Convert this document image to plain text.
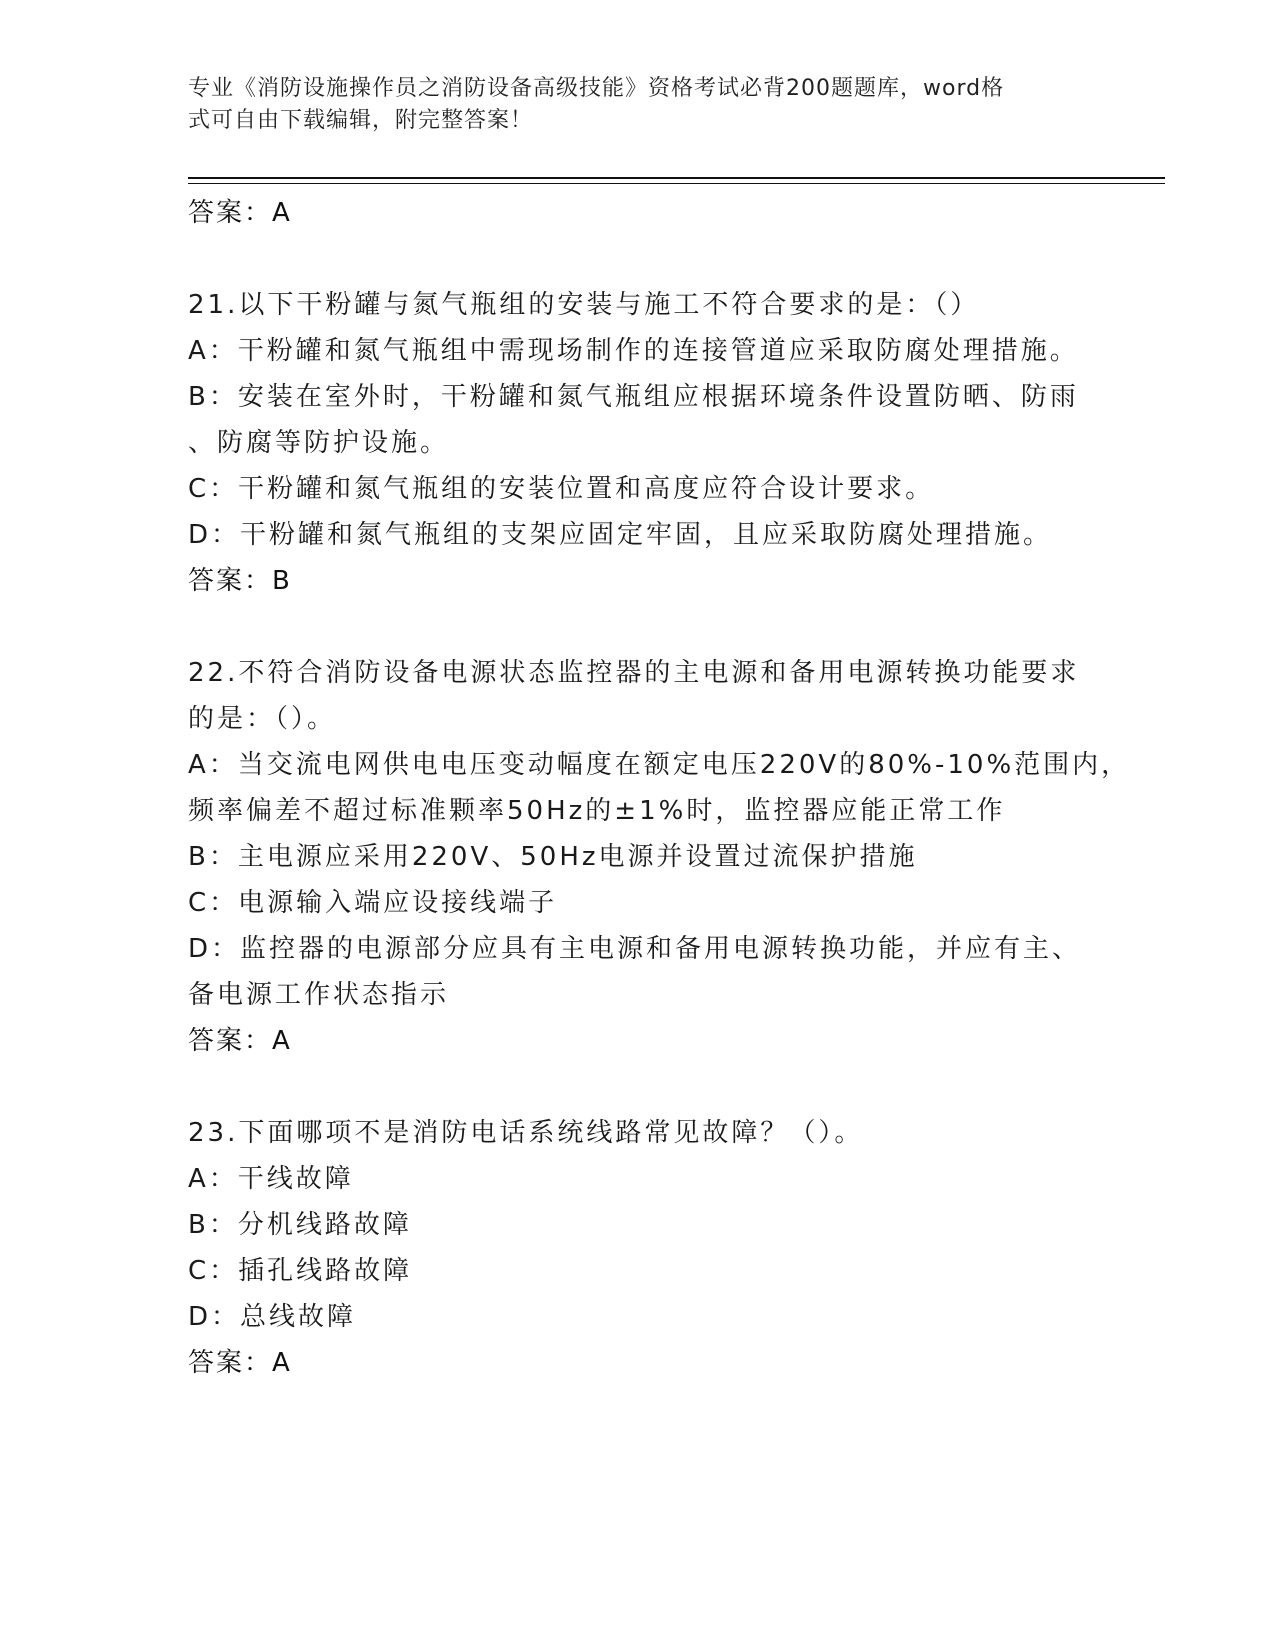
专业《消防设施操作员之消防设备高级技能》资格考试必背200题题库，word格
式可自由下载编辑，附完整答案！
答案：A
21.以下干粉罐与氮气瓶组的安装与施工不符合要求的是：（）
A：干粉罐和氮气瓶组中需现场制作的连接管道应采取防腐处理措施。
B：安装在室外时，干粉罐和氮气瓶组应根据环境条件设置防晒、防雨
、防腐等防护设施。
C：干粉罐和氮气瓶组的安装位置和高度应符合设计要求。
D：干粉罐和氮气瓶组的支架应固定牢固，且应采取防腐处理措施。
答案：B
22.不符合消防设备电源状态监控器的主电源和备用电源转换功能要求
的是：（）。
A：当交流电网供电电压变动幅度在额定电压220V的80%-10%范围内，
频率偏差不超过标准颗率50Hz的±1%时，监控器应能正常工作
B：主电源应采用220V、50Hz电源并设置过流保护措施
C：电源输入端应设接线端子
D：监控器的电源部分应具有主电源和备用电源转换功能，并应有主、
备电源工作状态指示
答案：A
23.下面哪项不是消防电话系统线路常见故障？（）。
A：干线故障
B：分机线路故障
C：插孔线路故障
D：总线故障
答案：A
